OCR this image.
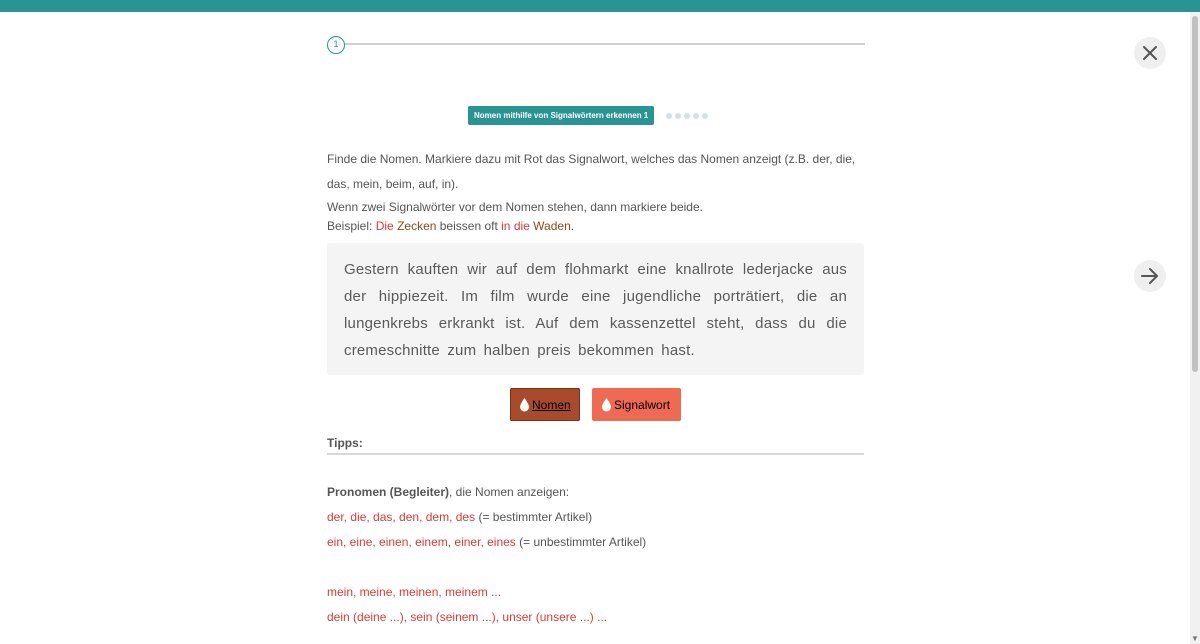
1
Nomen mithilfe von Signalwörtern erkennen 1
Finde die Nomen. Markiere dazu mit Rot das Signalwort, welches das Nomen anzeigt (z.B. der, die, das, mein, beim, auf, in).
Wenn zwei Signalwörter vor dem Nomen stehen, dann markiere beide.
Beispiel: Die Zecken beissen oft in die Waden.
Gestern kauften wir auf dem flohmarkt eine knallrote lederjacke aus der hippiezeit. Im film wurde eine jugendliche porträtiert, die an lungenkrebs erkrankt ist. Auf dem kassenzettel steht, dass du die cremeschnitte zum halben preis bekommen hast.
Nomen	Signalwort
Tipps:
Pronomen (Begleiter), die Nomen anzeigen:
der, die, das, den, dem, des (= bestimmter Artikel)
ein, eine, einen, einem, einer, eines (= unbestimmter Artikel)
mein, meine, meinen, meinem ...
dein (deine ...), sein (seinem ...), unser (unsere ...) ...
▼
